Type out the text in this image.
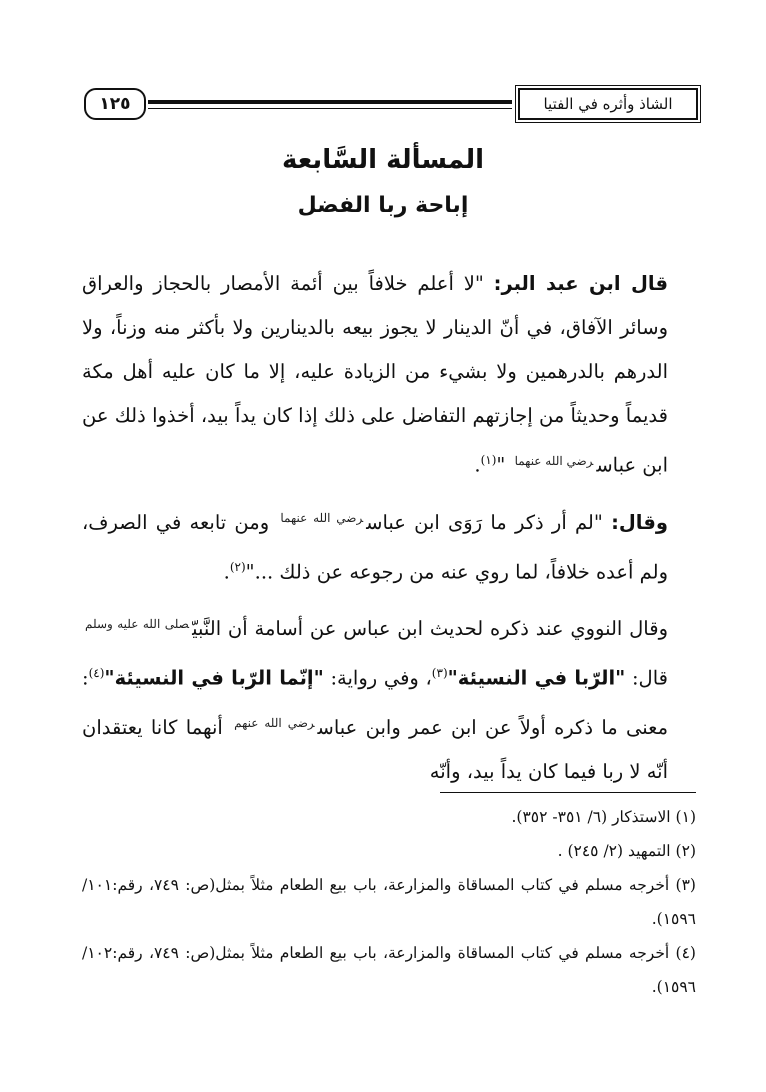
الشاذ وأثره في الفتيا
١٢٥
المسألة السَّابعة
إباحة ربا الفضل

قال ابن عبد البر: "لا أعلم خلافاً بين أئمة الأمصار بالحجاز والعراق وسائر الآفاق، في أنّ الدينار لا يجوز بيعه بالدينارين ولا بأكثر منه وزناً، ولا الدرهم بالدرهمين ولا بشيء من الزيادة عليه، إلا ما كان عليه أهل مكة قديماً وحديثاً من إجازتهم التفاضل على ذلك إذا كان يداً بيد، أخذوا ذلك عن ابن عباس$^{رضي الله عنهما}$ "$^{(١)}$.

وقال: "لم أر ذكر ما رَوَى ابن عباس$^{رضي الله عنهما}$ ومن تابعه في الصرف، ولم أعده خلافاً، لما روي عنه من رجوعه عن ذلك ..."$^{(٢)}$.

وقال النووي عند ذكره لحديث ابن عباس عن أسامة أن النَّبيّ$^{صلى الله عليه وسلم}$ قال: "الرّبا في النسيئة"$^{(٣)}$، وفي رواية: "إنّما الرّبا في النسيئة"$^{(٤)}$: معنى ما ذكره أولاً عن ابن عمر وابن عباس$^{رضي الله عنهم}$ أنهما كانا يعتقدان أنّه لا ربا فيما كان يداً بيد، وأنّه

(١) الاستذكار (٦/ ٣٥١- ٣٥٢).

(٢) التمهيد (٢/ ٢٤٥) .

(٣) أخرجه مسلم في كتاب المساقاة والمزارعة، باب بيع الطعام مثلاً بمثل(ص: ٧٤٩، رقم:١٠١/ ١٥٩٦).

(٤) أخرجه مسلم في كتاب المساقاة والمزارعة، باب بيع الطعام مثلاً بمثل(ص: ٧٤٩، رقم:١٠٢/ ١٥٩٦).
